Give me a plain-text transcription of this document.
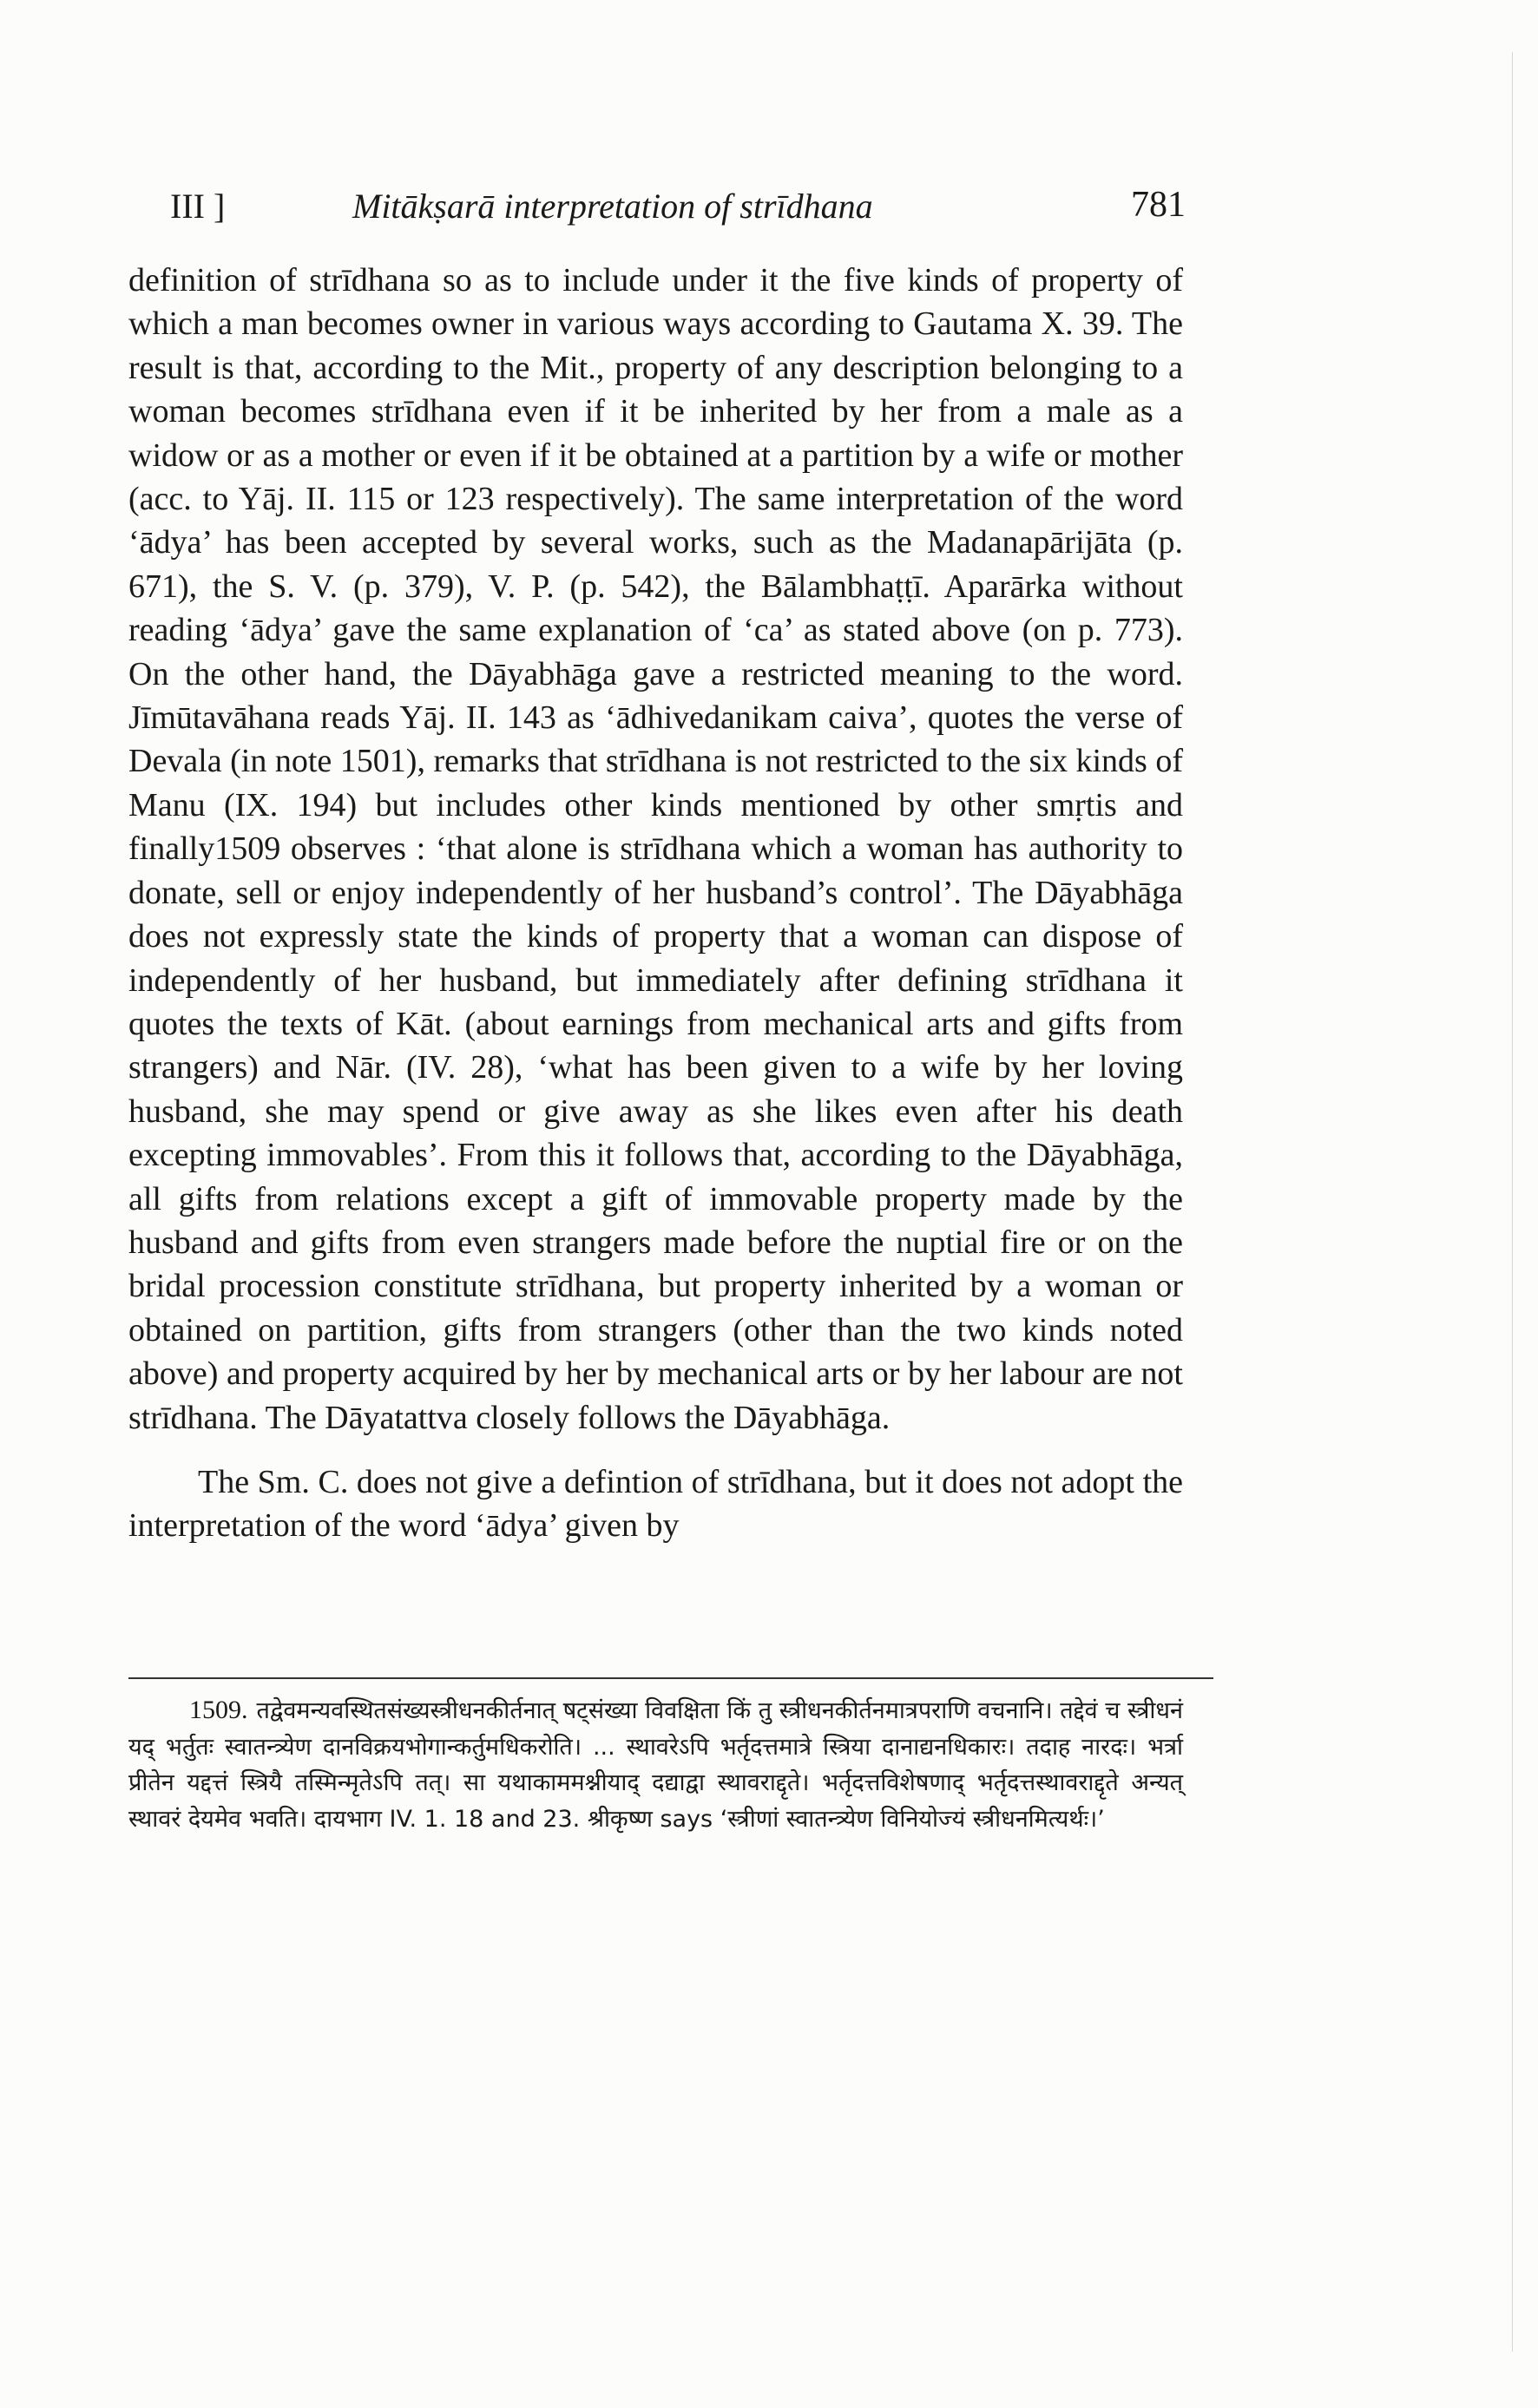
III ]	Mitākṣarā interpretation of strīdhana	781

definition of strīdhana so as to include under it the five kinds of property of which a man becomes owner in various ways according to Gautama X. 39. The result is that, according to the Mit., property of any description belonging to a woman becomes strīdhana even if it be inherited by her from a male as a widow or as a mother or even if it be obtained at a partition by a wife or mother (acc. to Yāj. II. 115 or 123 respectively). The same interpretation of the word ‘ādya’ has been accepted by several works, such as the Madanapārijāta (p. 671), the S. V. (p. 379), V. P. (p. 542), the Bālambhaṭṭī. Aparārka without reading ‘ādya’ gave the same explanation of ‘ca’ as stated above (on p. 773). On the other hand, the Dāyabhāga gave a restricted meaning to the word. Jīmūtavāhana reads Yāj. II. 143 as ‘ādhivedanikam caiva’, quotes the verse of Devala (in note 1501), remarks that strīdhana is not restricted to the six kinds of Manu (IX. 194) but includes other kinds mentioned by other smṛtis and finally1509 observes : ‘that alone is strīdhana which a woman has authority to donate, sell or enjoy independently of her husband’s control’. The Dāyabhāga does not expressly state the kinds of property that a woman can dispose of independently of her husband, but immediately after defining strīdhana it quotes the texts of Kāt. (about earnings from mechanical arts and gifts from strangers) and Nār. (IV. 28), ‘what has been given to a wife by her loving husband, she may spend or give away as she likes even after his death excepting immovables’. From this it follows that, according to the Dāyabhāga, all gifts from relations except a gift of immovable property made by the husband and gifts from even strangers made before the nuptial fire or on the bridal procession constitute strīdhana, but property inherited by a woman or obtained on partition, gifts from strangers (other than the two kinds noted above) and property acquired by her by mechanical arts or by her labour are not strīdhana. The Dāyatattva closely follows the Dāyabhāga.

The Sm. C. does not give a defintion of strīdhana, but it does not adopt the interpretation of the word ‘ādya’ given by

1509. तद्वेवमन्यवस्थितसंख्यस्त्रीधनकीर्तनात् षट्संख्या विवक्षिता किं तु स्त्रीधनकीर्तनमात्रपराणि वचनानि। तद्देवं च स्त्रीधनं यद् भर्तुतः स्वातन्त्र्येण दानविक्रयभोगान्कर्तुमधिकरोति। ... स्थावरेऽपि भर्तृदत्तमात्रे स्त्रिया दानाद्यनधिकारः। तदाह नारदः। भर्त्रा प्रीतेन यद्दत्तं स्त्रियै तस्मिन्मृतेऽपि तत्। सा यथाकाममश्नीयाद् दद्याद्वा स्थावराद्दृते। भर्तृदत्तविशेषणाद् भर्तृदत्तस्थावराद्दृते अन्यत् स्थावरं देयमेव भवति। दायभाग IV. 1. 18 and 23. श्रीकृष्ण says ‘स्त्रीणां स्वातन्त्र्येण विनियोज्यं स्त्रीधनमित्यर्थः।’
